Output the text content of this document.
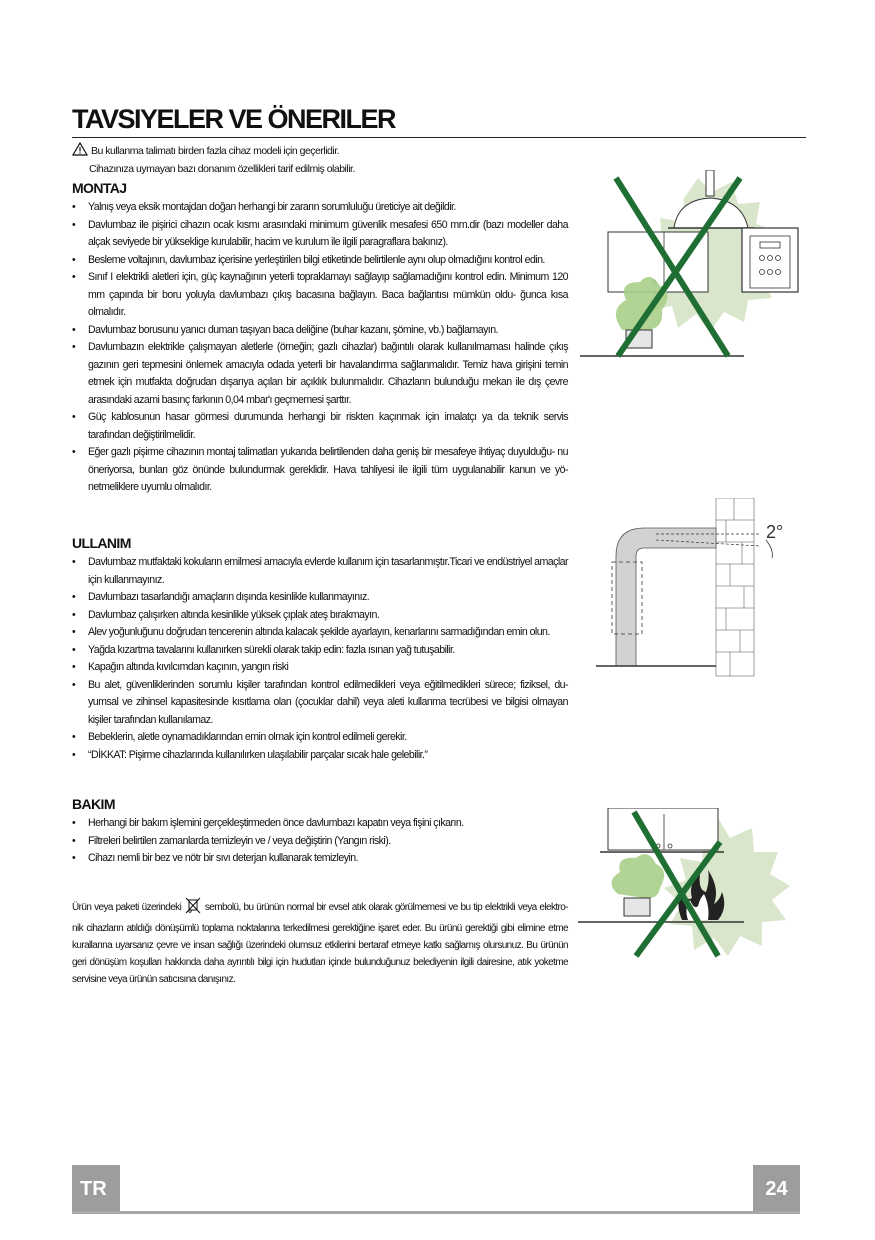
TAVSIYELER VE ÖNERILER
Bu kullanma talimatı birden fazla cihaz modeli için geçerlidir.
Cihazınıza uymayan bazı donanım özellikleri tarif edilmiş olabilir.
MONTAJ
• Yalnış veya eksik montajdan doğan herhangi bir zararın sorumluluğu üreticiye ait değildir.
• Davlumbaz ile pişirici cihazın ocak kısmı arasındaki minimum güvenlik mesafesi 650 mm.dir (bazı modeller daha alçak seviyede bir yükseklige kurulabilir, hacim ve kurulum ile ilgili paragraflara bakınız).
• Besleme voltajının, davlumbaz içerisine yerleştirilen bilgi etiketinde belirtilenle aynı olup olmadığını kontrol edin.
• Sınıf I elektrikli aletleri için, güç kaynağının yeterli topraklamayı sağlayıp sağlamadığını kontrol edin. Minimum 120 mm çapında bir boru yoluyla davlumbazı çıkış bacasına bağlayın. Baca bağlantısı mümkün oldu- ğunca kısa olmalıdır.
• Davlumbaz borusunu yanıcı duman taşıyan baca deliğine (buhar kazanı, şömine, vb.) bağlamayın.
• Davlumbazın elektrikle çalışmayan aletlerle (örneğin; gazlı cihazlar) bağıntılı olarak kullanılmaması halinde çıkış gazının geri tepmesini önlemek amacıyla odada yeterli bir havalandırma sağlanmalıdır. Temiz hava girişini temin etmek için mutfakta doğrudan dışarıya açılan bir açıklık bulunmalıdır. Cihazların bulunduğu mekan ile dış çevre arasındaki azami basınç farkının 0,04 mbar'ı geçmemesi şarttır.
• Güç kablosunun hasar görmesi durumunda herhangi bir riskten kaçınmak için imalatçı ya da teknik servis tarafından değiştirilmelidir.
• Eğer gazlı pişirme cihazının montaj talimatları yukarıda belirtilenden daha geniş bir mesafeye ihtiyaç duyulduğu- nu öneriyorsa, bunları göz önünde bulundurmak gereklidir. Hava tahliyesi ile ilgili tüm uygulanabilir kanun ve yö- netmeliklere uyumlu olmalıdır.
ULLANIM
• Davlumbaz mutfaktaki kokuların emilmesi amacıyla evlerde kullanım için tasarlanmıştır.Ticari ve endüstriyel amaçlar için kullanmayınız.
• Davlumbazı tasarlandığı amaçların dışında kesinlikle kullanmayınız.
• Davlumbaz çalışırken altında kesinlikle yüksek çıplak ateş bırakmayın.
• Alev yoğunluğunu doğrudan tencerenin altında kalacak şekilde ayarlayın, kenarlarını sarmadığından emin olun.
• Yağda kızartma tavalarını kullanırken sürekli olarak takip edin: fazla ısınan yağ tutuşabilir.
• Kapağın altında kıvılcımdan kaçının, yangın riski
• Bu alet, güvenliklerinden sorumlu kişiler tarafından kontrol edilmedikleri veya eğitilmedikleri sürece; fiziksel, du- yumsal ve zihinsel kapasitesinde kısıtlama olan (çocuklar dahil) veya aleti kullanma tecrübesi ve bilgisi olmayan kişiler tarafından kullanılamaz.
• Bebeklerin, aletle oynamadıklarından emin olmak için kontrol edilmeli gerekir.
• “DİKKAT: Pişirme cihazlarında kullanılırken ulaşılabilir parçalar sıcak hale gelebilir.”
BAKIM
• Herhangi bir bakım işlemini gerçekleştirmeden önce davlumbazı kapatın veya fişini çıkarın.
• Filtreleri belirtilen zamanlarda temizleyin ve / veya değiştirin (Yangın riski).
• Cihazı nemli bir bez ve nötr bir sıvı deterjan kullanarak temizleyin.
Ürün veya paketi üzerindeki sembolü, bu ürünün normal bir evsel atık olarak görülmemesi ve bu tip elektrikli veya elektro- nik cihazların atıldığı dönüşümlü toplama noktalarına terkedilmesi gerektiğine işaret eder. Bu ürünü gerektiği gibi elimine etme kurallarına uyarsanız çevre ve insan sağlığı üzerindeki olumsuz etkilerini bertaraf etmeye katkı sağlamış olursunuz. Bu ürünün geri dönüşüm koşulları hakkında daha ayrıntılı bilgi için hudutları içinde bulunduğunuz belediyenin ilgili dairesine, atık yoketme servisine veya ürünün satıcısına danışınız.
2°
TR	24
